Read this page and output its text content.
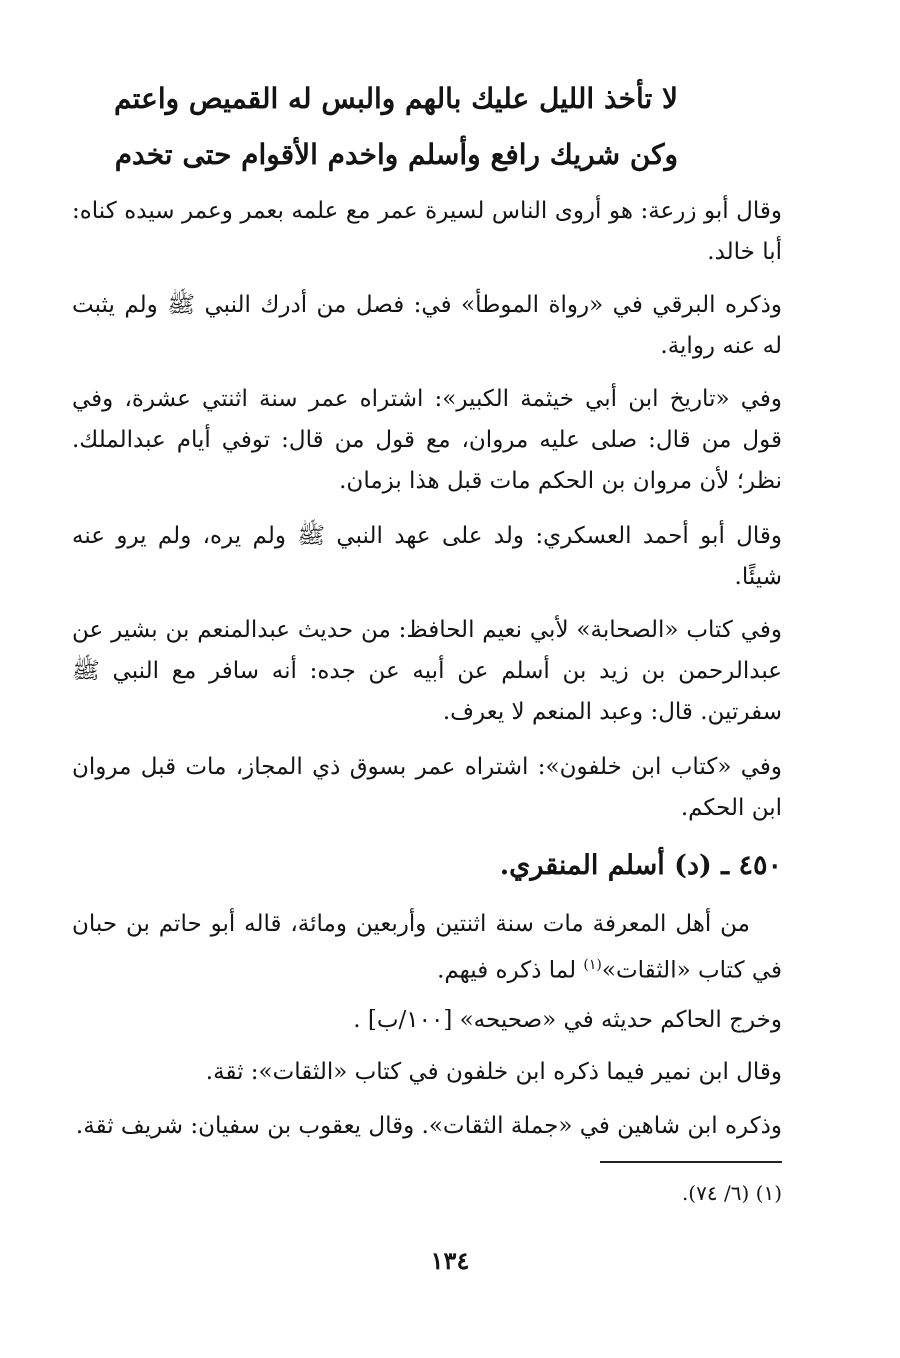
لا تأخذ الليل عليك بالهم والبس له القميص واعتم

وكن شريك رافع وأسلم واخدم الأقوام حتى تخدم

وقال أبو زرعة: هو أروى الناس لسيرة عمر مع علمه بعمر وعمر سيده كناه: أبا خالد.

وذكره البرقي في «رواة الموطأ» في: فصل من أدرك النبي ﷺ ولم يثبت له عنه رواية.

وفي «تاريخ ابن أبي خيثمة الكبير»: اشتراه عمر سنة اثنتي عشرة، وفي قول من قال: صلى عليه مروان، مع قول من قال: توفي أيام عبدالملك. نظر؛ لأن مروان بن الحكم مات قبل هذا بزمان.

وقال أبو أحمد العسكري: ولد على عهد النبي ﷺ ولم يره، ولم يرو عنه شيئًا.

وفي كتاب «الصحابة» لأبي نعيم الحافظ: من حديث عبدالمنعم بن بشير عن عبدالرحمن بن زيد بن أسلم عن أبيه عن جده: أنه سافر مع النبي ﷺ سفرتين. قال: وعبد المنعم لا يعرف.

وفي «كتاب ابن خلفون»: اشتراه عمر بسوق ذي المجاز، مات قبل مروان ابن الحكم.

٤٥٠ ـ (د) أسلم المنقري.

من أهل المعرفة مات سنة اثنتين وأربعين ومائة، قاله أبو حاتم بن حبان في كتاب «الثقات»$^{(١)}$ لما ذكره فيهم.

وخرج الحاكم حديثه في «صحيحه» [١٠٠/ب] .

وقال ابن نمير فيما ذكره ابن خلفون في كتاب «الثقات»: ثقة.

وذكره ابن شاهين في «جملة الثقات». وقال يعقوب بن سفيان: شريف ثقة.

(١) (٦/ ٧٤).

١٣٤
